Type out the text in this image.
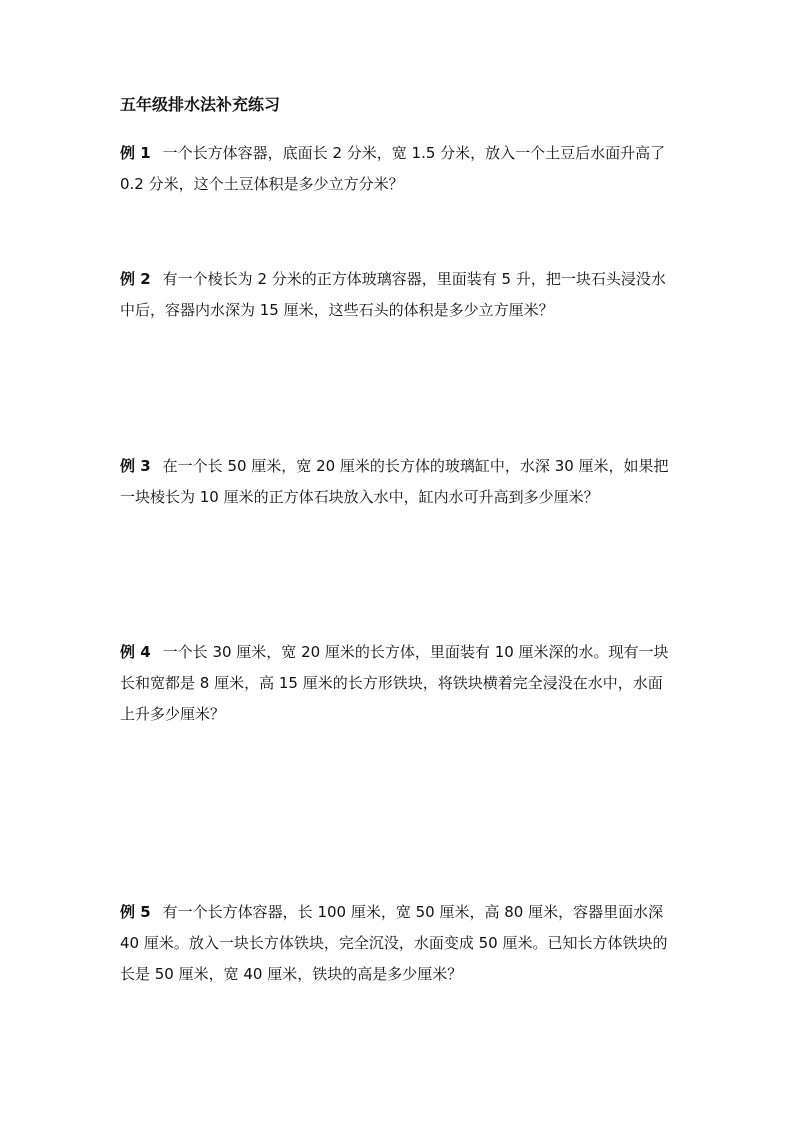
五年级排水法补充练习
例 1 一个长方体容器，底面长 2 分米，宽 1.5 分米，放入一个土豆后水面升高了 0.2 分米，这个土豆体积是多少立方分米？
例 2 有一个棱长为 2 分米的正方体玻璃容器，里面装有 5 升，把一块石头浸没水中后，容器内水深为 15 厘米，这些石头的体积是多少立方厘米？
例 3 在一个长 50 厘米，宽 20 厘米的长方体的玻璃缸中，水深 30 厘米，如果把一块棱长为 10 厘米的正方体石块放入水中，缸内水可升高到多少厘米？
例 4 一个长 30 厘米，宽 20 厘米的长方体，里面装有 10 厘米深的水。现有一块长和宽都是 8 厘米，高 15 厘米的长方形铁块，将铁块横着完全浸没在水中，水面上升多少厘米？
例 5 有一个长方体容器，长 100 厘米，宽 50 厘米，高 80 厘米，容器里面水深 40 厘米。放入一块长方体铁块，完全沉没，水面变成 50 厘米。已知长方体铁块的长是 50 厘米，宽 40 厘米，铁块的高是多少厘米？
